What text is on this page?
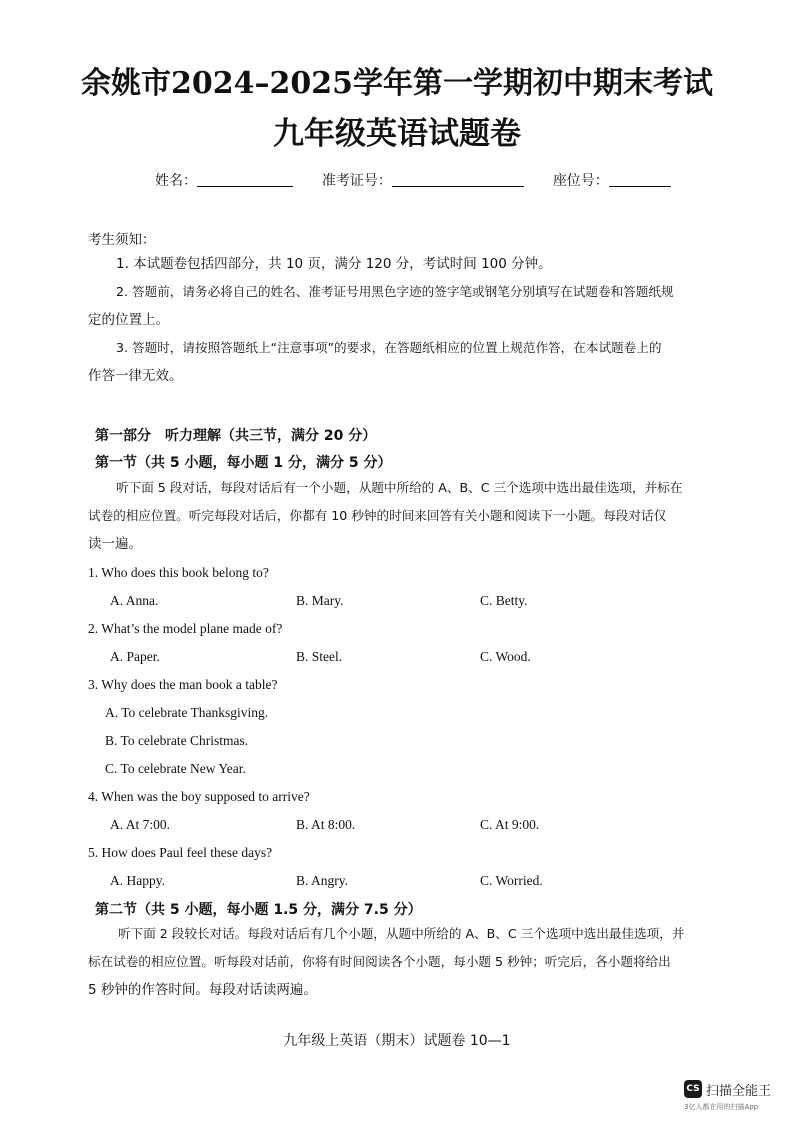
余姚市2024–2025学年第一学期初中期末考试
九年级英语试题卷
姓名：	准考证号：	座位号：
考生须知：
1. 本试题卷包括四部分，共 10 页，满分 120 分，考试时间 100 分钟。
2. 答题前，请务必将自己的姓名、准考证号用黑色字迹的签字笔或钢笔分别填写在试题卷和答题纸规
定的位置上。
3. 答题时，请按照答题纸上“注意事项”的要求，在答题纸相应的位置上规范作答，在本试题卷上的
作答一律无效。
第一部分　听力理解（共三节，满分 20 分）
第一节（共 5 小题，每小题 1 分，满分 5 分）
听下面 5 段对话，每段对话后有一个小题，从题中所给的 A、B、C 三个选项中选出最佳选项，并标在
试卷的相应位置。听完每段对话后，你都有 10 秒钟的时间来回答有关小题和阅读下一小题。每段对话仅
读一遍。
1. Who does this book belong to?
A. Anna.	B. Mary.	C. Betty.
2. What’s the model plane made of?
A. Paper.	B. Steel.	C. Wood.
3. Why does the man book a table?
A. To celebrate Thanksgiving.
B. To celebrate Christmas.
C. To celebrate New Year.
4. When was the boy supposed to arrive?
A. At 7:00.	B. At 8:00.	C. At 9:00.
5. How does Paul feel these days?
A. Happy.	B. Angry.	C. Worried.
第二节（共 5 小题，每小题 1.5 分，满分 7.5 分）
听下面 2 段较长对话。每段对话后有几个小题，从题中所给的 A、B、C 三个选项中选出最佳选项，并
标在试卷的相应位置。听每段对话前，你将有时间阅读各个小题，每小题 5 秒钟；听完后，各小题将给出
5 秒钟的作答时间。每段对话读两遍。
九年级上英语（期末）试题卷 10—1
CS 扫描全能王
3亿人都在用的扫描App
